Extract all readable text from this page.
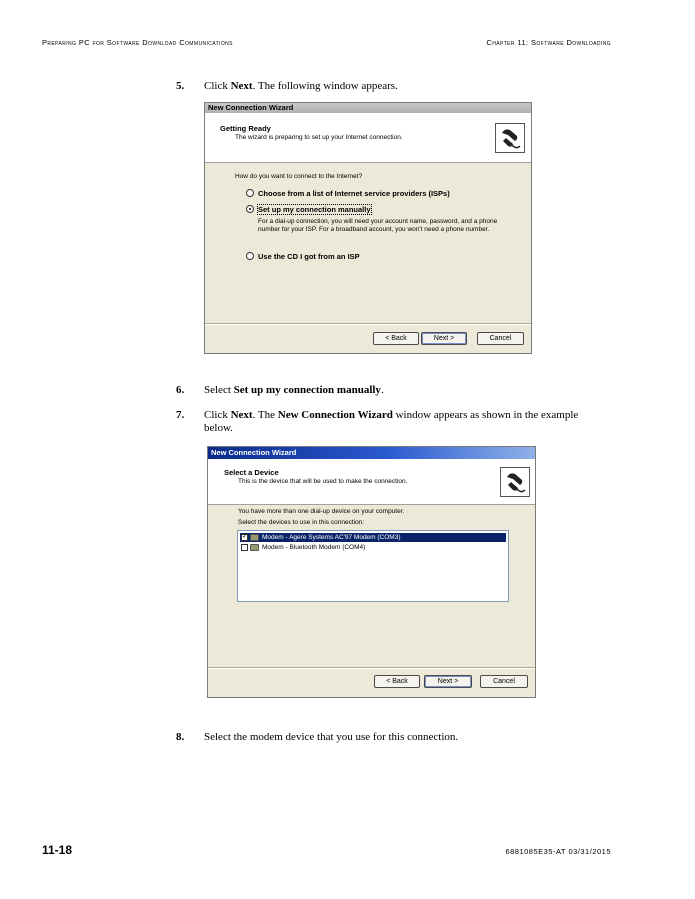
Preparing PC for Software Download Communications	Chapter 11: Software Downloading
5. Click Next. The following window appears.
New Connection Wizard
Getting Ready
The wizard is preparing to set up your Internet connection.
How do you want to connect to the Internet?
Choose from a list of Internet service providers (ISPs)
Set up my connection manually
For a dial-up connection, you will need your account name, password, and a phone number for your ISP. For a broadband account, you won't need a phone number.
Use the CD I got from an ISP
< Back	Next >	Cancel
6. Select Set up my connection manually.
7. Click Next. The New Connection Wizard window appears as shown in the example below.
New Connection Wizard
Select a Device
This is the device that will be used to make the connection.
You have more than one dial-up device on your computer.
Select the devices to use in this connection:
✓
Modem - Agere Systems AC'97 Modem (COM3)
Modem - Bluetooth Modem (COM4)
< Back	Next >	Cancel
8. Select the modem device that you use for this connection.
11-18	6881085E35-AT 03/31/2015
